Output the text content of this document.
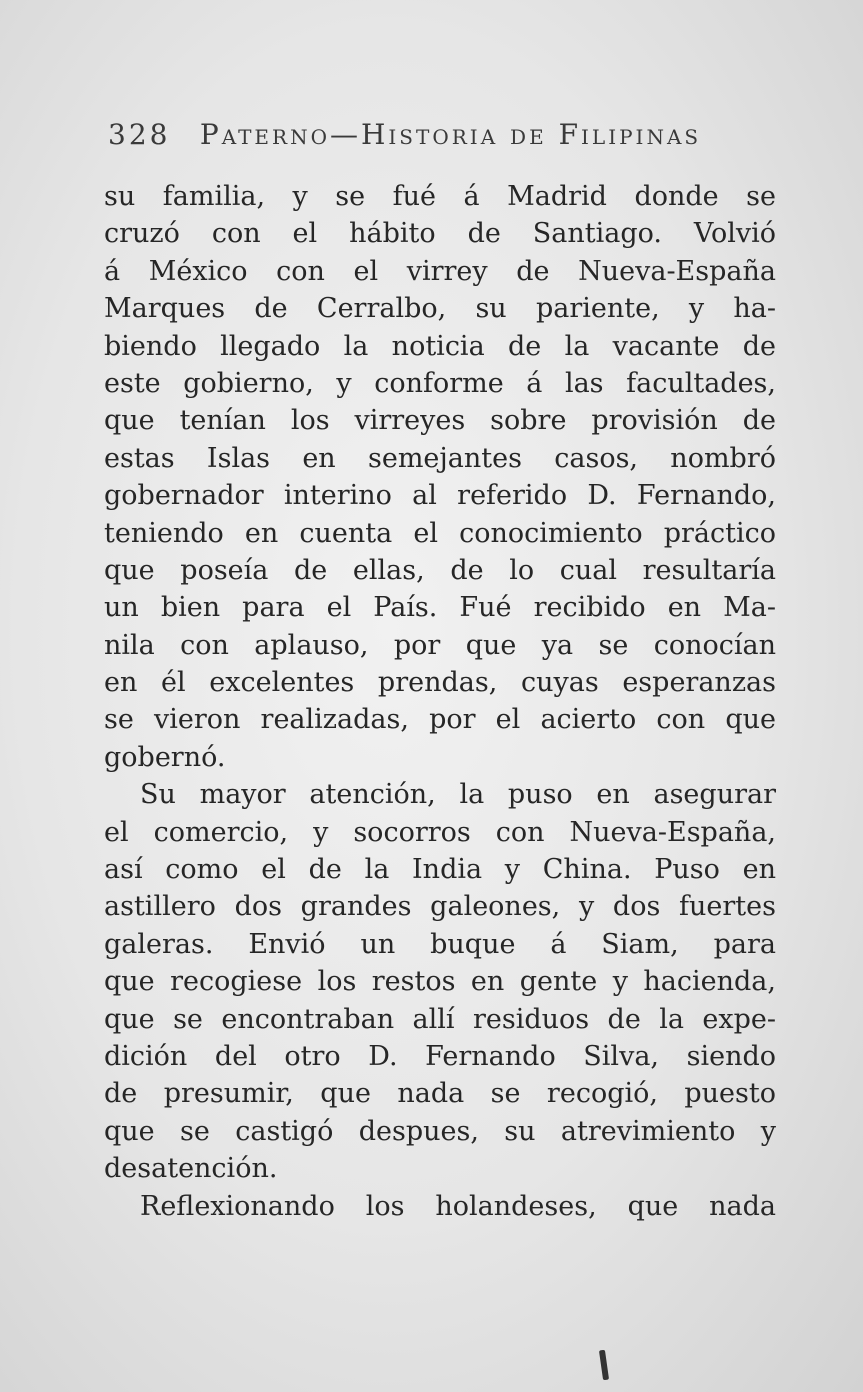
328 Paterno—Historia de Filipinas
su familia, y se fué á Madrid donde se
cruzó con el hábito de Santiago. Volvió
á México con el virrey de Nueva-España
Marques de Cerralbo, su pariente, y ha-
biendo llegado la noticia de la vacante de
este gobierno, y conforme á las facultades,
que tenían los virreyes sobre provisión de
estas Islas en semejantes casos, nombró
gobernador interino al referido D. Fernando,
teniendo en cuenta el conocimiento práctico
que poseía de ellas, de lo cual resultaría
un bien para el País. Fué recibido en Ma-
nila con aplauso, por que ya se conocían
en él excelentes prendas, cuyas esperanzas
se vieron realizadas, por el acierto con que
gobernó.
Su mayor atención, la puso en asegurar
el comercio, y socorros con Nueva-España,
así como el de la India y China. Puso en
astillero dos grandes galeones, y dos fuertes
galeras. Envió un buque á Siam, para
que recogiese los restos en gente y hacienda,
que se encontraban allí residuos de la expe-
dición del otro D. Fernando Silva, siendo
de presumir, que nada se recogió, puesto
que se castigó despues, su atrevimiento y
desatención.
Reflexionando los holandeses, que nada
